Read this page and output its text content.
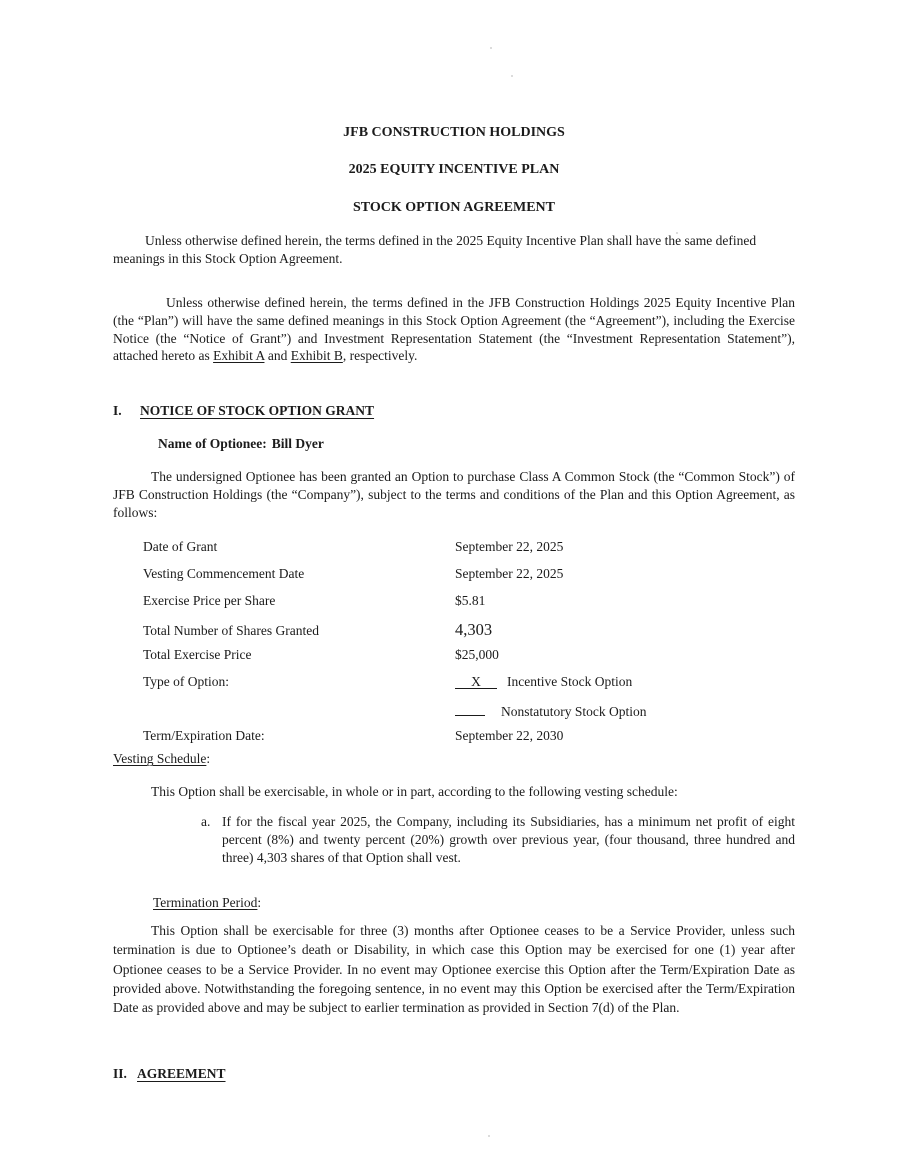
JFB CONSTRUCTION HOLDINGS
2025 EQUITY INCENTIVE PLAN
STOCK OPTION AGREEMENT

Unless otherwise defined herein, the terms defined in the 2025 Equity Incentive Plan shall have the same defined meanings in this Stock Option Agreement.

Unless otherwise defined herein, the terms defined in the JFB Construction Holdings 2025 Equity Incentive Plan (the “Plan”) will have the same defined meanings in this Stock Option Agreement (the “Agreement”), including the Exercise Notice (the “Notice of Grant”) and Investment Representation Statement (the “Investment Representation Statement”), attached hereto as Exhibit A and Exhibit B, respectively.

I. NOTICE OF STOCK OPTION GRANT

Name of Optionee: Bill Dyer

The undersigned Optionee has been granted an Option to purchase Class A Common Stock (the “Common Stock”) of JFB Construction Holdings (the “Company”), subject to the terms and conditions of the Plan and this Option Agreement, as follows:

Date of Grant	September 22, 2025
Vesting Commencement Date	September 22, 2025
Exercise Price per Share	$5.81
Total Number of Shares Granted	4,303
Total Exercise Price	$25,000
Type of Option:	X Incentive Stock Option
Nonstatutory Stock Option
Term/Expiration Date:	September 22, 2030
Vesting Schedule:

This Option shall be exercisable, in whole or in part, according to the following vesting schedule:

a. If for the fiscal year 2025, the Company, including its Subsidiaries, has a minimum net profit of eight percent (8%) and twenty percent (20%) growth over previous year, (four thousand, three hundred and three) 4,303 shares of that Option shall vest.
Termination Period:

This Option shall be exercisable for three (3) months after Optionee ceases to be a Service Provider, unless such termination is due to Optionee’s death or Disability, in which case this Option may be exercised for one (1) year after Optionee ceases to be a Service Provider. In no event may Optionee exercise this Option after the Term/Expiration Date as provided above. Notwithstanding the foregoing sentence, in no event may this Option be exercised after the Term/Expiration Date as provided above and may be subject to earlier termination as provided in Section 7(d) of the Plan.

II. AGREEMENT
